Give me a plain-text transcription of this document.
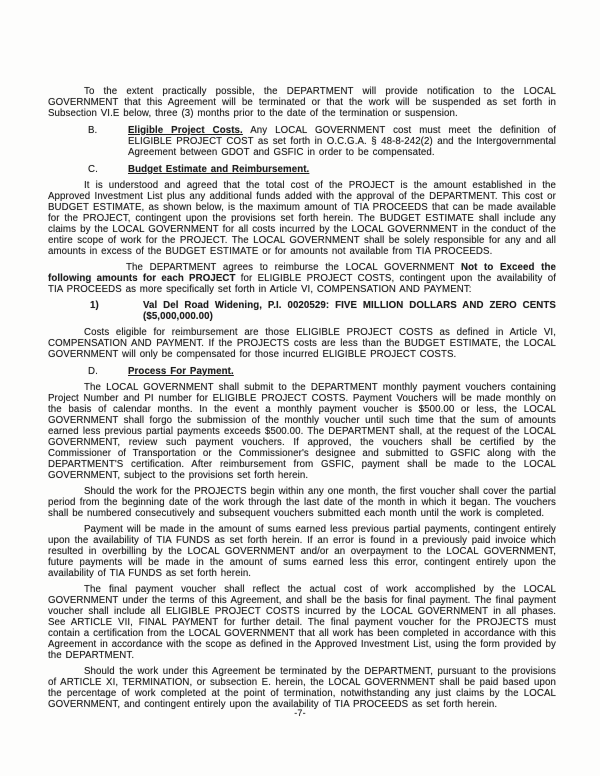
To the extent practically possible, the DEPARTMENT will provide notification to the LOCAL GOVERNMENT that this Agreement will be terminated or that the work will be suspended as set forth in Subsection VI.E below, three (3) months prior to the date of the termination or suspension.

B.	Eligible Project Costs. Any LOCAL GOVERNMENT cost must meet the definition of ELIGIBLE PROJECT COST as set forth in O.C.G.A. § 48-8-242(2) and the Intergovernmental Agreement between GDOT and GSFIC in order to be compensated.
C.	Budget Estimate and Reimbursement.

It is understood and agreed that the total cost of the PROJECT is the amount established in the Approved Investment List plus any additional funds added with the approval of the DEPARTMENT. This cost or BUDGET ESTIMATE, as shown below, is the maximum amount of TIA PROCEEDS that can be made available for the PROJECT, contingent upon the provisions set forth herein. The BUDGET ESTIMATE shall include any claims by the LOCAL GOVERNMENT for all costs incurred by the LOCAL GOVERNMENT in the conduct of the entire scope of work for the PROJECT. The LOCAL GOVERNMENT shall be solely responsible for any and all amounts in excess of the BUDGET ESTIMATE or for amounts not available from TIA PROCEEDS.

The DEPARTMENT agrees to reimburse the LOCAL GOVERNMENT Not to Exceed the following amounts for each PROJECT for ELIGIBLE PROJECT COSTS, contingent upon the availability of TIA PROCEEDS as more specifically set forth in Article VI, COMPENSATION AND PAYMENT:

1)	Val Del Road Widening, P.I. 0020529: FIVE MILLION DOLLARS AND ZERO CENTS ($5,000,000.00)

Costs eligible for reimbursement are those ELIGIBLE PROJECT COSTS as defined in Article VI, COMPENSATION AND PAYMENT. If the PROJECTS costs are less than the BUDGET ESTIMATE, the LOCAL GOVERNMENT will only be compensated for those incurred ELIGIBLE PROJECT COSTS.

D.	Process For Payment.

The LOCAL GOVERNMENT shall submit to the DEPARTMENT monthly payment vouchers containing Project Number and PI number for ELIGIBLE PROJECT COSTS. Payment Vouchers will be made monthly on the basis of calendar months. In the event a monthly payment voucher is $500.00 or less, the LOCAL GOVERNMENT shall forgo the submission of the monthly voucher until such time that the sum of amounts earned less previous partial payments exceeds $500.00. The DEPARTMENT shall, at the request of the LOCAL GOVERNMENT, review such payment vouchers. If approved, the vouchers shall be certified by the Commissioner of Transportation or the Commissioner's designee and submitted to GSFIC along with the DEPARTMENT'S certification. After reimbursement from GSFIC, payment shall be made to the LOCAL GOVERNMENT, subject to the provisions set forth herein.

Should the work for the PROJECTS begin within any one month, the first voucher shall cover the partial period from the beginning date of the work through the last date of the month in which it began. The vouchers shall be numbered consecutively and subsequent vouchers submitted each month until the work is completed.

Payment will be made in the amount of sums earned less previous partial payments, contingent entirely upon the availability of TIA FUNDS as set forth herein. If an error is found in a previously paid invoice which resulted in overbilling by the LOCAL GOVERNMENT and/or an overpayment to the LOCAL GOVERNMENT, future payments will be made in the amount of sums earned less this error, contingent entirely upon the availability of TIA FUNDS as set forth herein.

The final payment voucher shall reflect the actual cost of work accomplished by the LOCAL GOVERNMENT under the terms of this Agreement, and shall be the basis for final payment. The final payment voucher shall include all ELIGIBLE PROJECT COSTS incurred by the LOCAL GOVERNMENT in all phases. See ARTICLE VII, FINAL PAYMENT for further detail. The final payment voucher for the PROJECTS must contain a certification from the LOCAL GOVERNMENT that all work has been completed in accordance with this Agreement in accordance with the scope as defined in the Approved Investment List, using the form provided by the DEPARTMENT.

Should the work under this Agreement be terminated by the DEPARTMENT, pursuant to the provisions of ARTICLE XI, TERMINATION, or subsection E. herein, the LOCAL GOVERNMENT shall be paid based upon the percentage of work completed at the point of termination, notwithstanding any just claims by the LOCAL GOVERNMENT, and contingent entirely upon the availability of TIA PROCEEDS as set forth herein.

-7-
